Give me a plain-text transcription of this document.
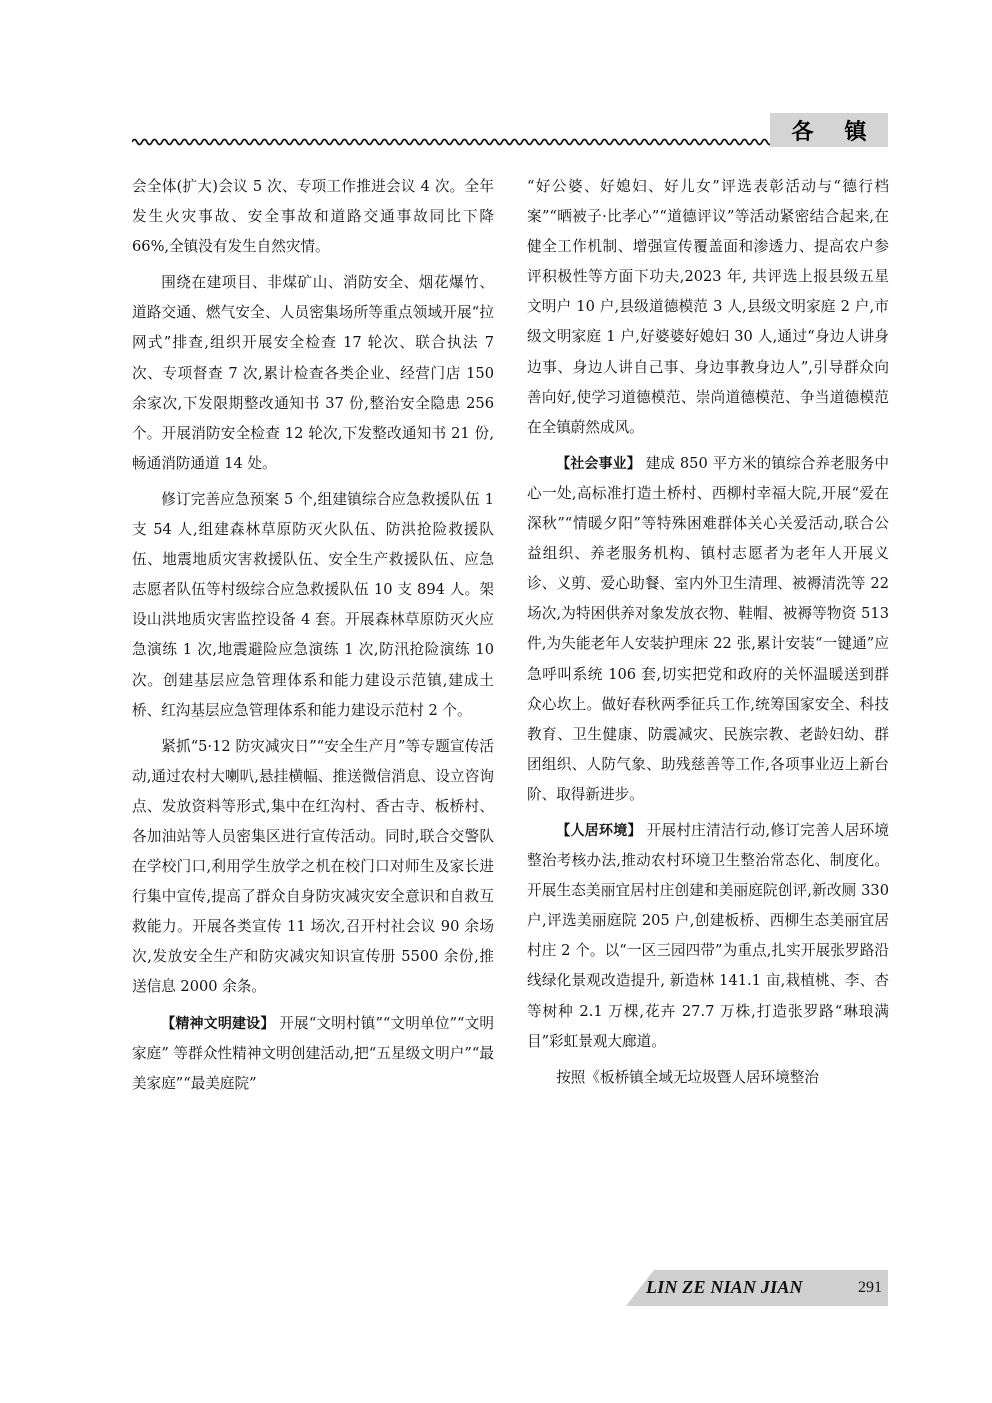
各 镇

会全体(扩大)会议 5 次、专项工作推进会议 4 次。全年发生火灾事故、安全事故和道路交通事故同比下降 66%,全镇没有发生自然灾情。

围绕在建项目、非煤矿山、消防安全、烟花爆竹、道路交通、燃气安全、人员密集场所等重点领域开展“拉网式”排查,组织开展安全检查 17 轮次、联合执法 7 次、专项督查 7 次,累计检查各类企业、经营门店 150 余家次,下发限期整改通知书 37 份,整治安全隐患 256 个。开展消防安全检查 12 轮次,下发整改通知书 21 份,畅通消防通道 14 处。

修订完善应急预案 5 个,组建镇综合应急救援队伍 1 支 54 人,组建森林草原防灭火队伍、防洪抢险救援队伍、地震地质灾害救援队伍、安全生产救援队伍、应急志愿者队伍等村级综合应急救援队伍 10 支 894 人。架设山洪地质灾害监控设备 4 套。开展森林草原防灭火应急演练 1 次,地震避险应急演练 1 次,防汛抢险演练 10 次。创建基层应急管理体系和能力建设示范镇,建成土桥、红沟基层应急管理体系和能力建设示范村 2 个。

紧抓“5·12 防灾减灾日”“安全生产月”等专题宣传活动,通过农村大喇叭,悬挂横幅、推送微信消息、设立咨询点、发放资料等形式,集中在红沟村、香古寺、板桥村、各加油站等人员密集区进行宣传活动。同时,联合交警队在学校门口,利用学生放学之机在校门口对师生及家长进行集中宣传,提高了群众自身防灾减灾安全意识和自救互救能力。开展各类宣传 11 场次,召开村社会议 90 余场次,发放安全生产和防灾减灾知识宣传册 5500 余份,推送信息 2000 余条。

【精神文明建设】 开展“文明村镇”“文明单位”“文明家庭” 等群众性精神文明创建活动,把“五星级文明户”“最美家庭”“最美庭院”

“好公婆、好媳妇、好儿女”评选表彰活动与“德行档案”“晒被子·比孝心”“道德评议”等活动紧密结合起来,在健全工作机制、增强宣传覆盖面和渗透力、提高农户参评积极性等方面下功夫,2023 年, 共评选上报县级五星文明户 10 户,县级道德模范 3 人,县级文明家庭 2 户,市级文明家庭 1 户,好婆婆好媳妇 30 人,通过“身边人讲身边事、身边人讲自己事、身边事教身边人”,引导群众向善向好,使学习道德模范、崇尚道德模范、争当道德模范在全镇蔚然成风。

【社会事业】 建成 850 平方米的镇综合养老服务中心一处,高标准打造土桥村、西柳村幸福大院,开展“爱在深秋”“情暖夕阳”等特殊困难群体关心关爱活动,联合公益组织、养老服务机构、镇村志愿者为老年人开展义诊、义剪、爱心助餐、室内外卫生清理、被褥清洗等 22 场次,为特困供养对象发放衣物、鞋帽、被褥等物资 513 件,为失能老年人安装护理床 22 张,累计安装“一键通”应急呼叫系统 106 套,切实把党和政府的关怀温暖送到群众心坎上。做好春秋两季征兵工作,统筹国家安全、科技教育、卫生健康、防震减灾、民族宗教、老龄妇幼、群团组织、人防气象、助残慈善等工作,各项事业迈上新台阶、取得新进步。

【人居环境】 开展村庄清洁行动,修订完善人居环境整治考核办法,推动农村环境卫生整治常态化、制度化。开展生态美丽宜居村庄创建和美丽庭院创评,新改厕 330 户,评选美丽庭院 205 户,创建板桥、西柳生态美丽宜居村庄 2 个。以“一区三园四带”为重点,扎实开展张罗路沿线绿化景观改造提升, 新造林 141.1 亩,栽植桃、李、杏等树种 2.1 万棵,花卉 27.7 万株,打造张罗路“琳琅满目”彩虹景观大廊道。

按照《板桥镇全域无垃圾暨人居环境整治

LIN ZE NIAN JIAN	291
